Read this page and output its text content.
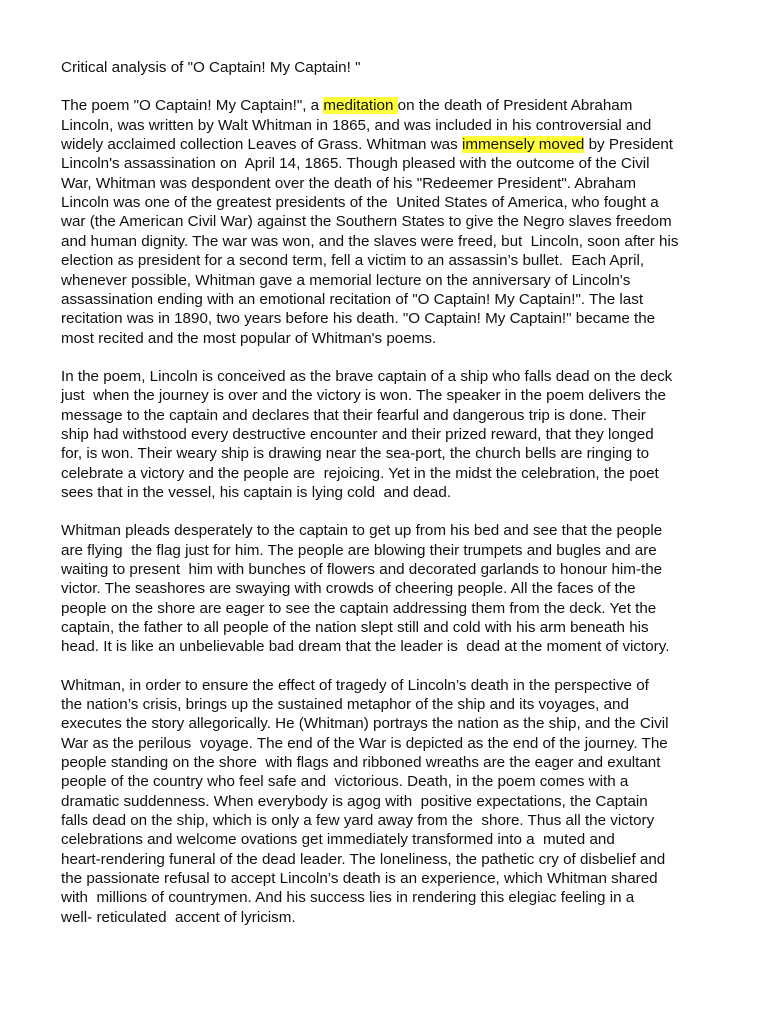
Critical analysis of "O Captain! My Captain! "
The poem "O Captain! My Captain!", a meditation on the death of President Abraham
Lincoln, was written by Walt Whitman in 1865, and was included in his controversial and
widely acclaimed collection Leaves of Grass. Whitman was immensely moved by President
Lincoln's assassination on  April 14, 1865. Though pleased with the outcome of the Civil
War, Whitman was despondent over the death of his "Redeemer President". Abraham
Lincoln was one of the greatest presidents of the  United States of America, who fought a
war (the American Civil War) against the Southern States to give the Negro slaves freedom
and human dignity. The war was won, and the slaves were freed, but  Lincoln, soon after his
election as president for a second term, fell a victim to an assassin’s bullet.  Each April,
whenever possible, Whitman gave a memorial lecture on the anniversary of Lincoln's
assassination ending with an emotional recitation of "O Captain! My Captain!". The last
recitation was in 1890, two years before his death. "O Captain! My Captain!" became the
most recited and the most popular of Whitman's poems.
In the poem, Lincoln is conceived as the brave captain of a ship who falls dead on the deck
just  when the journey is over and the victory is won. The speaker in the poem delivers the
message to the captain and declares that their fearful and dangerous trip is done. Their
ship had withstood every destructive encounter and their prized reward, that they longed
for, is won. Their weary ship is drawing near the sea-port, the church bells are ringing to
celebrate a victory and the people are  rejoicing. Yet in the midst the celebration, the poet
sees that in the vessel, his captain is lying cold  and dead.
Whitman pleads desperately to the captain to get up from his bed and see that the people
are flying  the flag just for him. The people are blowing their trumpets and bugles and are
waiting to present  him with bunches of flowers and decorated garlands to honour him-the
victor. The seashores are swaying with crowds of cheering people. All the faces of the
people on the shore are eager to see the captain addressing them from the deck. Yet the
captain, the father to all people of the nation slept still and cold with his arm beneath his
head. It is like an unbelievable bad dream that the leader is  dead at the moment of victory.
Whitman, in order to ensure the effect of tragedy of Lincoln’s death in the perspective of
the nation’s crisis, brings up the sustained metaphor of the ship and its voyages, and
executes the story allegorically. He (Whitman) portrays the nation as the ship, and the Civil
War as the perilous  voyage. The end of the War is depicted as the end of the journey. The
people standing on the shore  with flags and ribboned wreaths are the eager and exultant
people of the country who feel safe and  victorious. Death, in the poem comes with a
dramatic suddenness. When everybody is agog with  positive expectations, the Captain
falls dead on the ship, which is only a few yard away from the  shore. Thus all the victory
celebrations and welcome ovations get immediately transformed into a  muted and
heart-rendering funeral of the dead leader. The loneliness, the pathetic cry of disbelief and
the passionate refusal to accept Lincoln’s death is an experience, which Whitman shared
with  millions of countrymen. And his success lies in rendering this elegiac feeling in a
well- reticulated  accent of lyricism.
